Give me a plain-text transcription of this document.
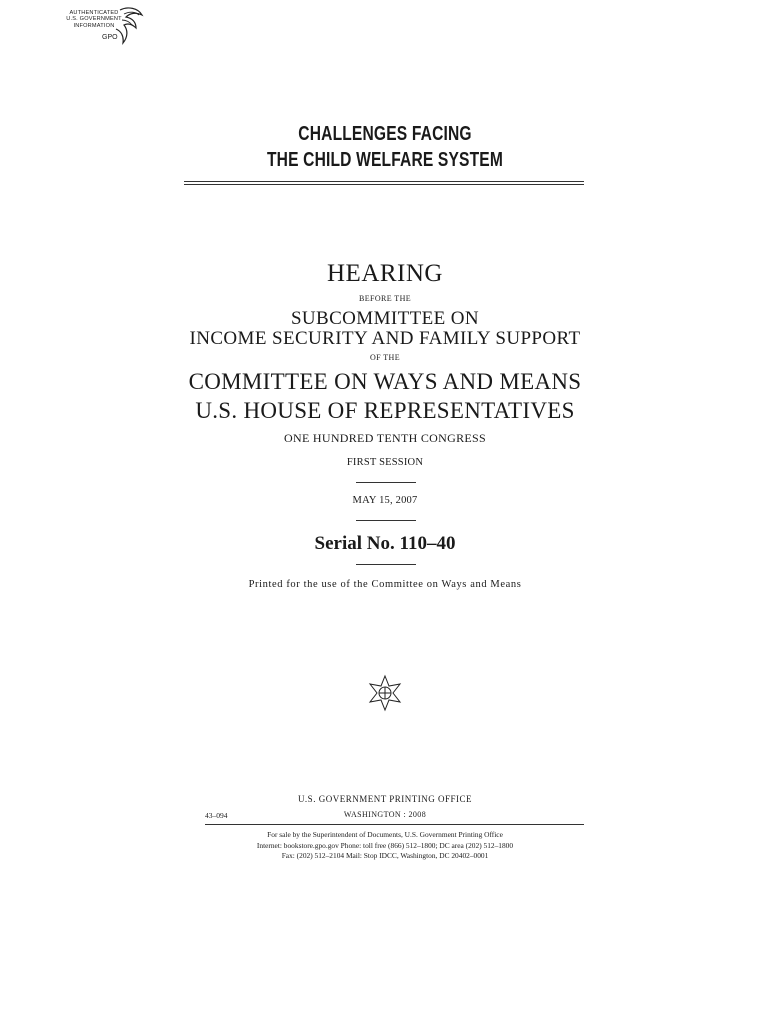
AUTHENTICATED
U.S. GOVERNMENT
INFORMATION
GPO
CHALLENGES FACING
THE CHILD WELFARE SYSTEM
HEARING
BEFORE THE
SUBCOMMITTEE ON
INCOME SECURITY AND FAMILY SUPPORT
OF THE
COMMITTEE ON WAYS AND MEANS
U.S. HOUSE OF REPRESENTATIVES
ONE HUNDRED TENTH CONGRESS
FIRST SESSION
MAY 15, 2007
Serial No. 110–40
Printed for the use of the Committee on Ways and Means
U.S. GOVERNMENT PRINTING OFFICE
43–094	WASHINGTON : 2008
For sale by the Superintendent of Documents, U.S. Government Printing Office
Internet: bookstore.gpo.gov Phone: toll free (866) 512–1800; DC area (202) 512–1800
Fax: (202) 512–2104 Mail: Stop IDCC, Washington, DC 20402–0001
